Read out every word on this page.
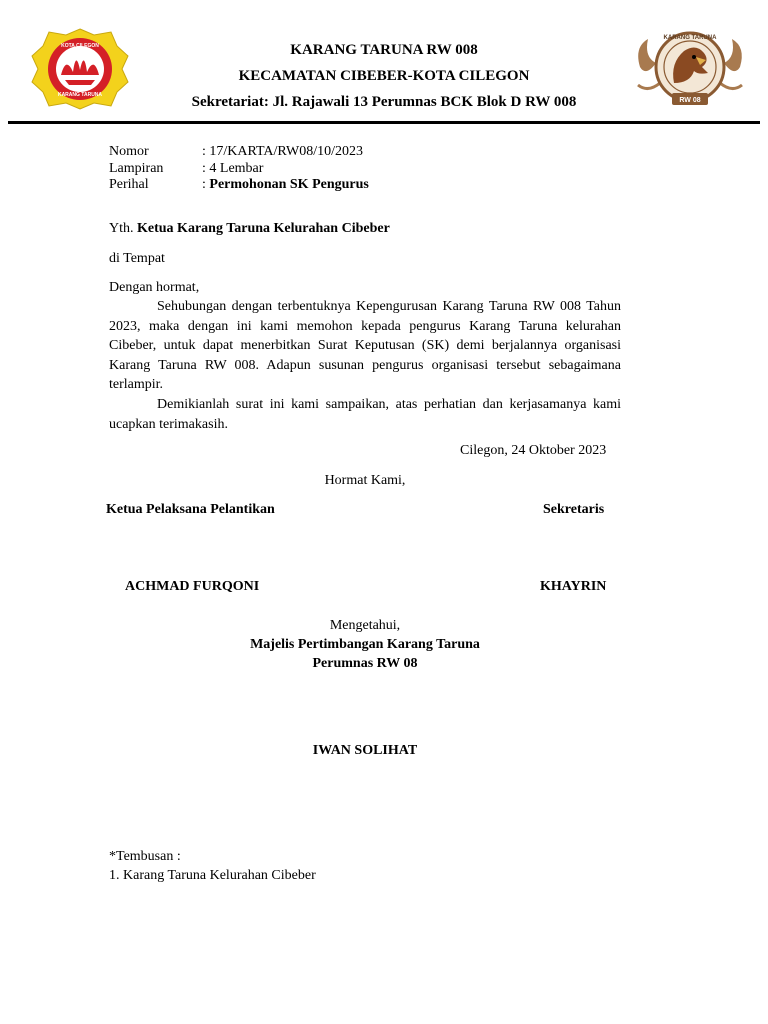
KOTA CILEGON
KARANG TARUNA
KARANG TARUNA
RW 08
KARANG TARUNA RW 008
KECAMATAN CIBEBER-KOTA CILEGON
Sekretariat: Jl. Rajawali 13 Perumnas BCK Blok D RW 008
Nomor	: 17/KARTA/RW08/10/2023
Lampiran	: 4 Lembar
Perihal	: Permohonan SK Pengurus
Yth. Ketua Karang Taruna Kelurahan Cibeber
di Tempat
Dengan hormat,
Sehubungan dengan terbentuknya Kepengurusan Karang Taruna RW 008 Tahun 2023, maka dengan ini kami memohon kepada pengurus Karang Taruna kelurahan Cibeber, untuk dapat menerbitkan Surat Keputusan (SK) demi berjalannya organisasi Karang Taruna RW 008. Adapun susunan pengurus organisasi tersebut sebagaimana terlampir.
Demikianlah surat ini kami sampaikan, atas perhatian dan kerjasamanya kami ucapkan terimakasih.
Cilegon, 24 Oktober 2023
Hormat Kami,
Ketua Pelaksana Pelantikan	Sekretaris
ACHMAD FURQONI	KHAYRIN
Mengetahui,
Majelis Pertimbangan Karang Taruna
Perumnas RW 08
IWAN SOLIHAT
*Tembusan :
1. Karang Taruna Kelurahan Cibeber
